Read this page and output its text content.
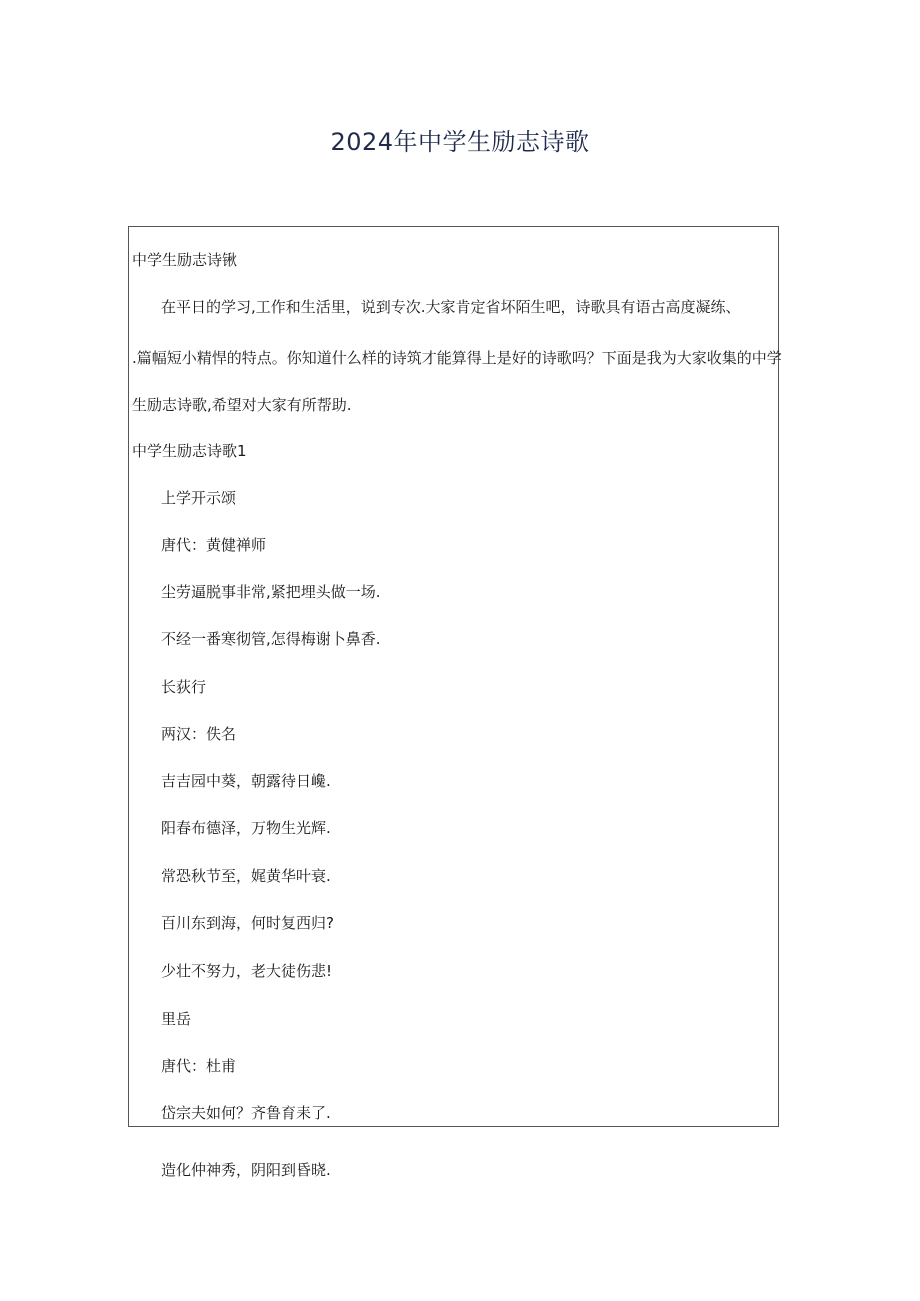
2024年中学生励志诗歌
中学生励志诗锹
在平日的学习,工作和生活里，说到专次.大家肯定省坏陌生吧，诗歌具有语古高度凝练、
.篇幅短小精悍的特点。你知道什么样的诗筑才能算得上是好的诗歌吗？下面是我为大家收集的中学
生励志诗歌,希望对大家有所帮助.
中学生励志诗歌1
上学开示颂
唐代：黄健禅师
尘劳逼脱事非常,紧把埋头做一场.
不经一番寒彻管,怎得梅谢卜鼻香.
长荻行
两汉：佚名
吉吉园中葵，朝露待日巉.
阳春布德泽，万物生光辉.
常恐秋节至，娓黄华叶衰.
百川东到海，何时复西归?
少壮不努力，老大徒伤悲!
里岳
唐代：杜甫
岱宗夫如何？齐鲁育耒了.
造化仲神秀，阴阳到昏晓.
